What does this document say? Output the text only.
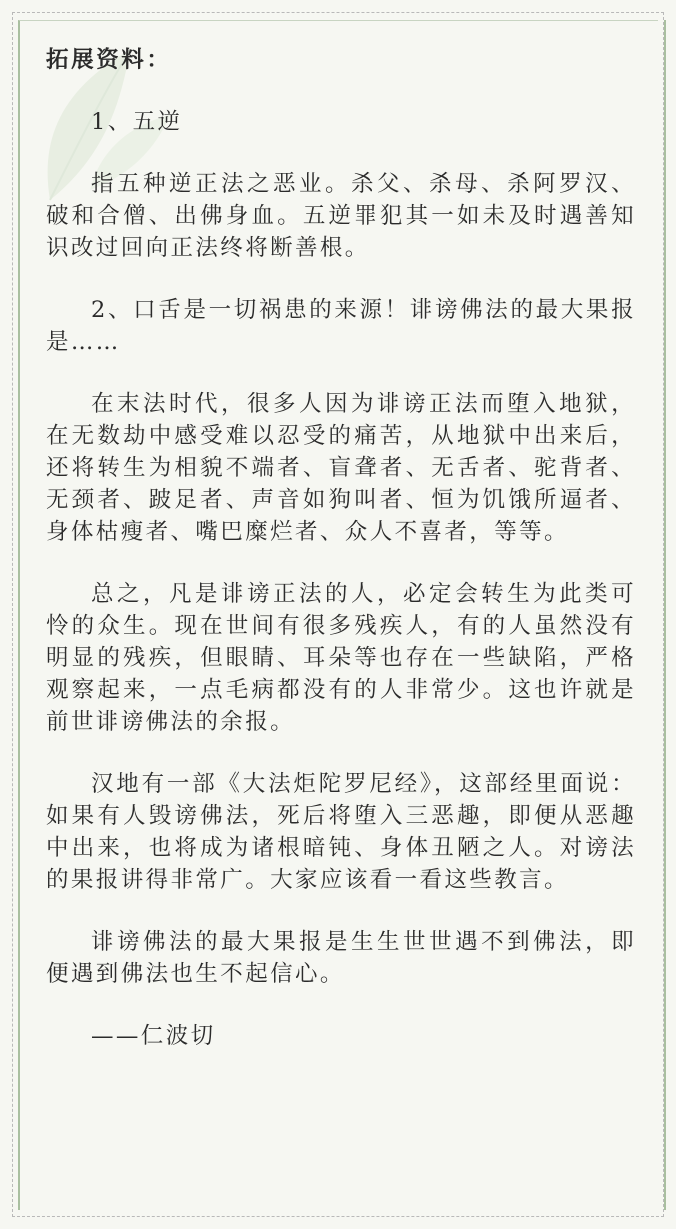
拓展资料：

1、五逆

指五种逆正法之恶业。杀父、杀母、杀阿罗汉、破和合僧、出佛身血。五逆罪犯其一如未及时遇善知识改过回向正法终将断善根。

2、口舌是一切祸患的来源！诽谤佛法的最大果报是……

在末法时代，很多人因为诽谤正法而堕入地狱，在无数劫中感受难以忍受的痛苦，从地狱中出来后，还将转生为相貌不端者、盲聋者、无舌者、驼背者、无颈者、跛足者、声音如狗叫者、恒为饥饿所逼者、身体枯瘦者、嘴巴糜烂者、众人不喜者，等等。

总之，凡是诽谤正法的人，必定会转生为此类可怜的众生。现在世间有很多残疾人，有的人虽然没有明显的残疾，但眼睛、耳朵等也存在一些缺陷，严格观察起来，一点毛病都没有的人非常少。这也许就是前世诽谤佛法的余报。

汉地有一部《大法炬陀罗尼经》，这部经里面说：如果有人毁谤佛法，死后将堕入三恶趣，即便从恶趣中出来，也将成为诸根暗钝、身体丑陋之人。对谤法的果报讲得非常广。大家应该看一看这些教言。

诽谤佛法的最大果报是生生世世遇不到佛法，即便遇到佛法也生不起信心。

——仁波切
